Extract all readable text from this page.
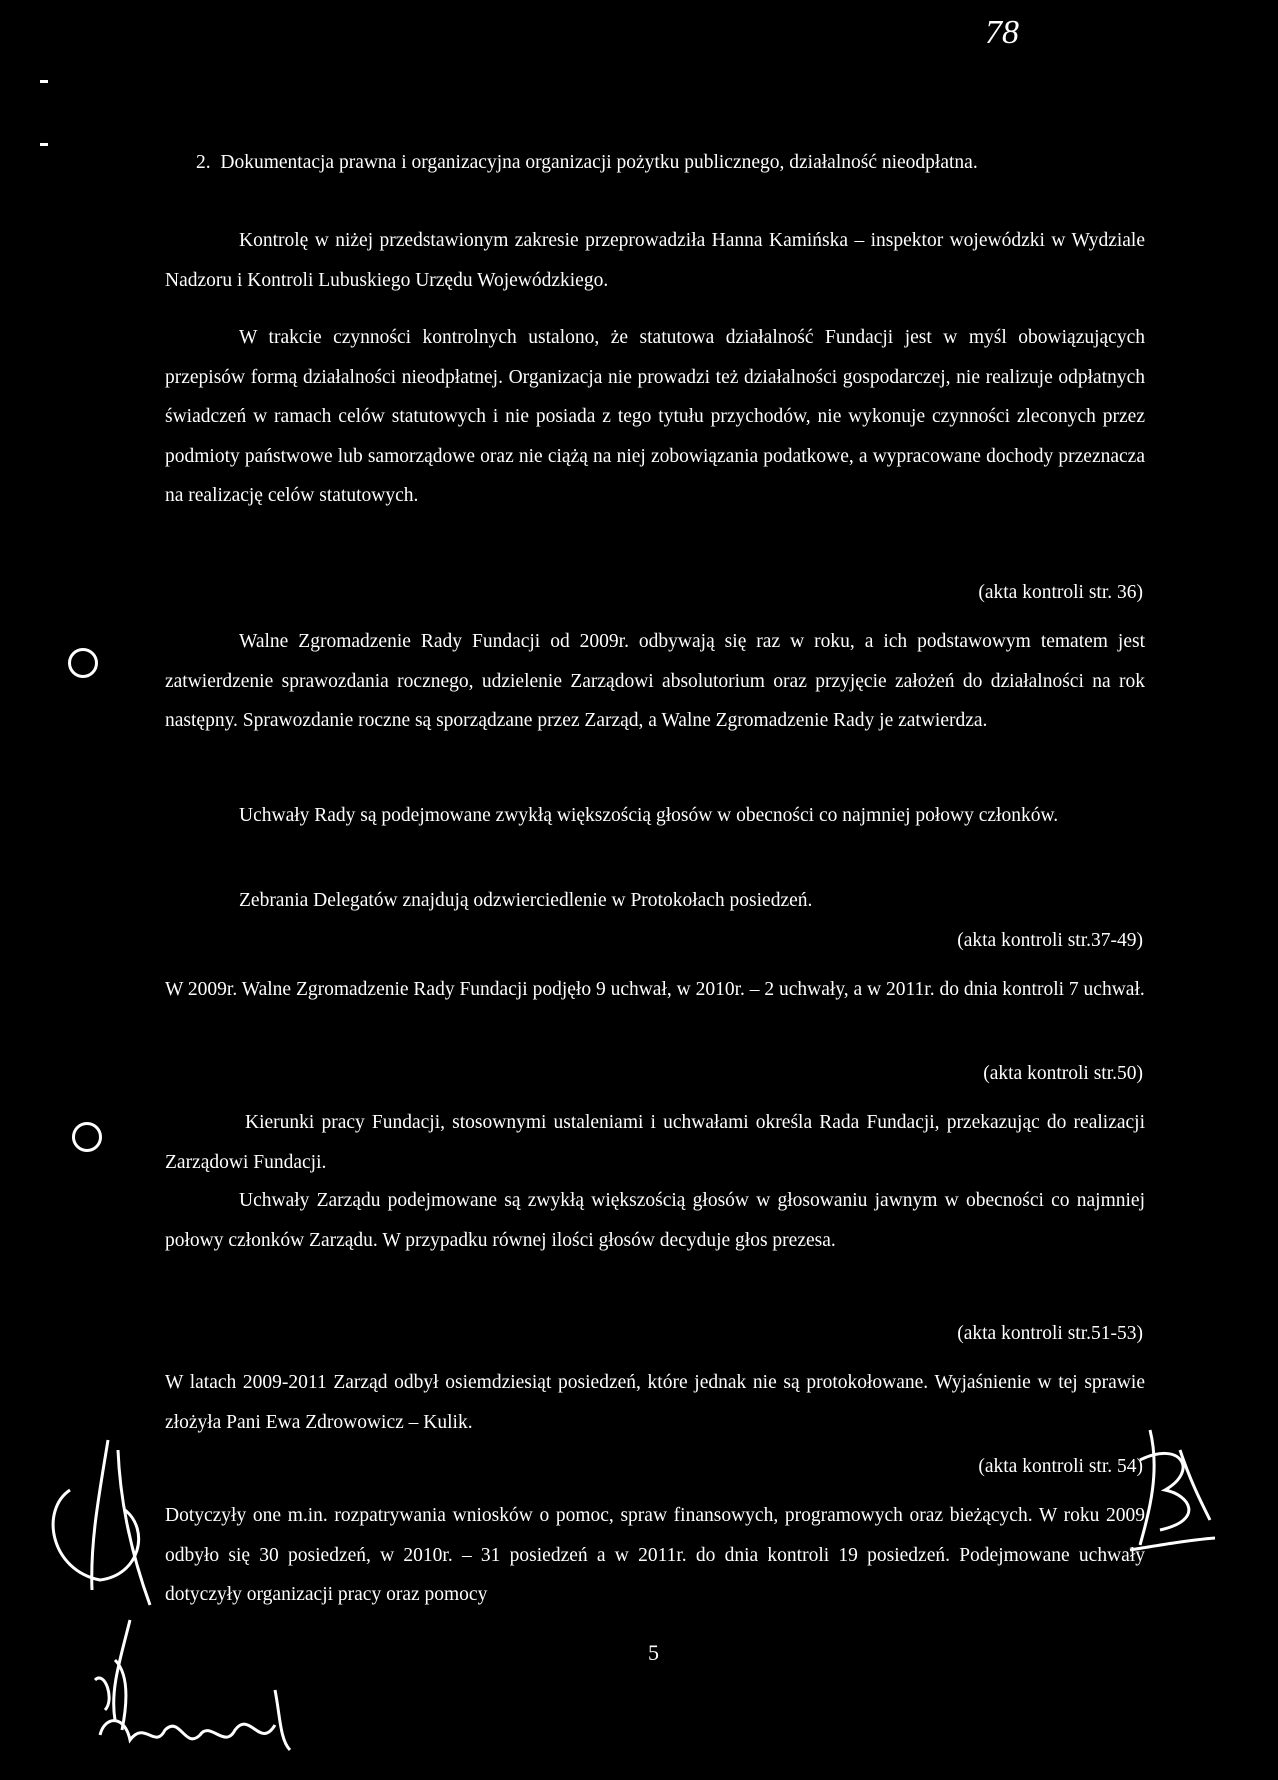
78
2. Dokumentacja prawna i organizacyjna organizacji pożytku publicznego, działalność nieodpłatna.
Kontrolę w niżej przedstawionym zakresie przeprowadziła Hanna Kamińska – inspektor wojewódzki w Wydziale Nadzoru i Kontroli Lubuskiego Urzędu Wojewódzkiego.
W trakcie czynności kontrolnych ustalono, że statutowa działalność Fundacji jest w myśl obowiązujących przepisów formą działalności nieodpłatnej. Organizacja nie prowadzi też działalności gospodarczej, nie realizuje odpłatnych świadczeń w ramach celów statutowych i nie posiada z tego tytułu przychodów, nie wykonuje czynności zleconych przez podmioty państwowe lub samorządowe oraz nie ciążą na niej zobowiązania podatkowe, a wypracowane dochody przeznacza na realizację celów statutowych.
(akta kontroli str. 36)
Walne Zgromadzenie Rady Fundacji od 2009r. odbywają się raz w roku, a ich podstawowym tematem jest zatwierdzenie sprawozdania rocznego, udzielenie Zarządowi absolutorium oraz przyjęcie założeń do działalności na rok następny. Sprawozdanie roczne są sporządzane przez Zarząd, a Walne Zgromadzenie Rady je zatwierdza.
Uchwały Rady są podejmowane zwykłą większością głosów w obecności co najmniej połowy członków.
Zebrania Delegatów znajdują odzwierciedlenie w Protokołach posiedzeń.
(akta kontroli str.37-49)
W 2009r. Walne Zgromadzenie Rady Fundacji podjęło 9 uchwał, w 2010r. – 2 uchwały, a w 2011r. do dnia kontroli 7 uchwał.
(akta kontroli str.50)
Kierunki pracy Fundacji, stosownymi ustaleniami i uchwałami określa Rada Fundacji, przekazując do realizacji Zarządowi Fundacji.
Uchwały Zarządu podejmowane są zwykłą większością głosów w głosowaniu jawnym w obecności co najmniej połowy członków Zarządu. W przypadku równej ilości głosów decyduje głos prezesa.
(akta kontroli str.51-53)
W latach 2009-2011 Zarząd odbył osiemdziesiąt posiedzeń, które jednak nie są protokołowane. Wyjaśnienie w tej sprawie złożyła Pani Ewa Zdrowowicz – Kulik.
(akta kontroli str. 54)
Dotyczyły one m.in. rozpatrywania wniosków o pomoc, spraw finansowych, programowych oraz bieżących. W roku 2009 odbyło się 30 posiedzeń, w 2010r. – 31 posiedzeń a w 2011r. do dnia kontroli 19 posiedzeń. Podejmowane uchwały dotyczyły organizacji pracy oraz pomocy
5
